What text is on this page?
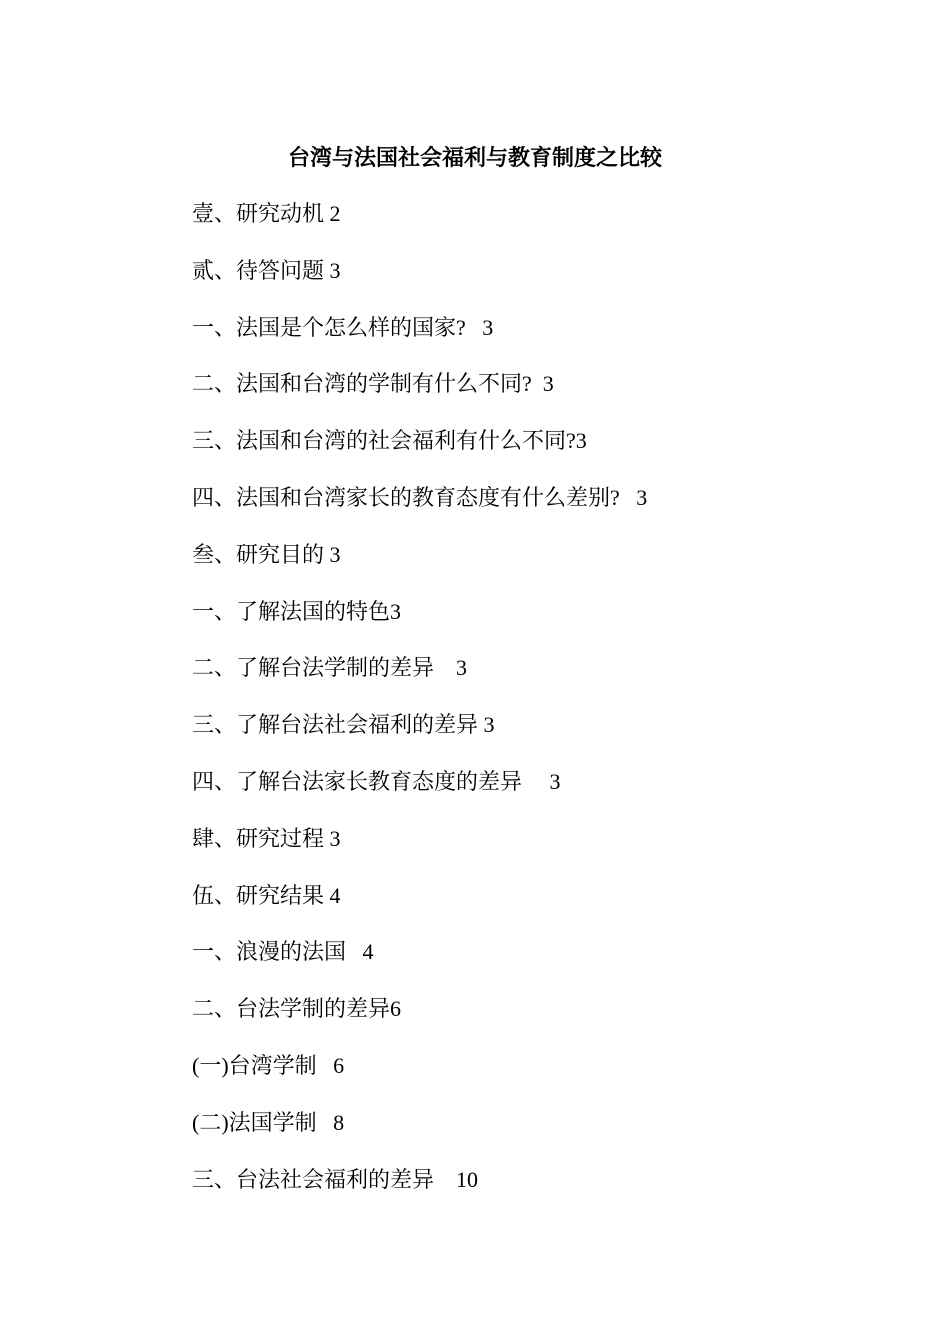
台湾与法国社会福利与教育制度之比较
壹、研究动机 2
贰、待答问题 3
一、法国是个怎么样的国家?   3
二、法国和台湾的学制有什么不同?  3
三、法国和台湾的社会福利有什么不同?3
四、法国和台湾家长的教育态度有什么差别?   3
叁、研究目的 3
一、了解法国的特色3
二、了解台法学制的差异    3
三、了解台法社会福利的差异 3
四、了解台法家长教育态度的差异     3
肆、研究过程 3
伍、研究结果 4
一、浪漫的法国   4
二、台法学制的差异6
(一)台湾学制   6
(二)法国学制   8
三、台法社会福利的差异    10
